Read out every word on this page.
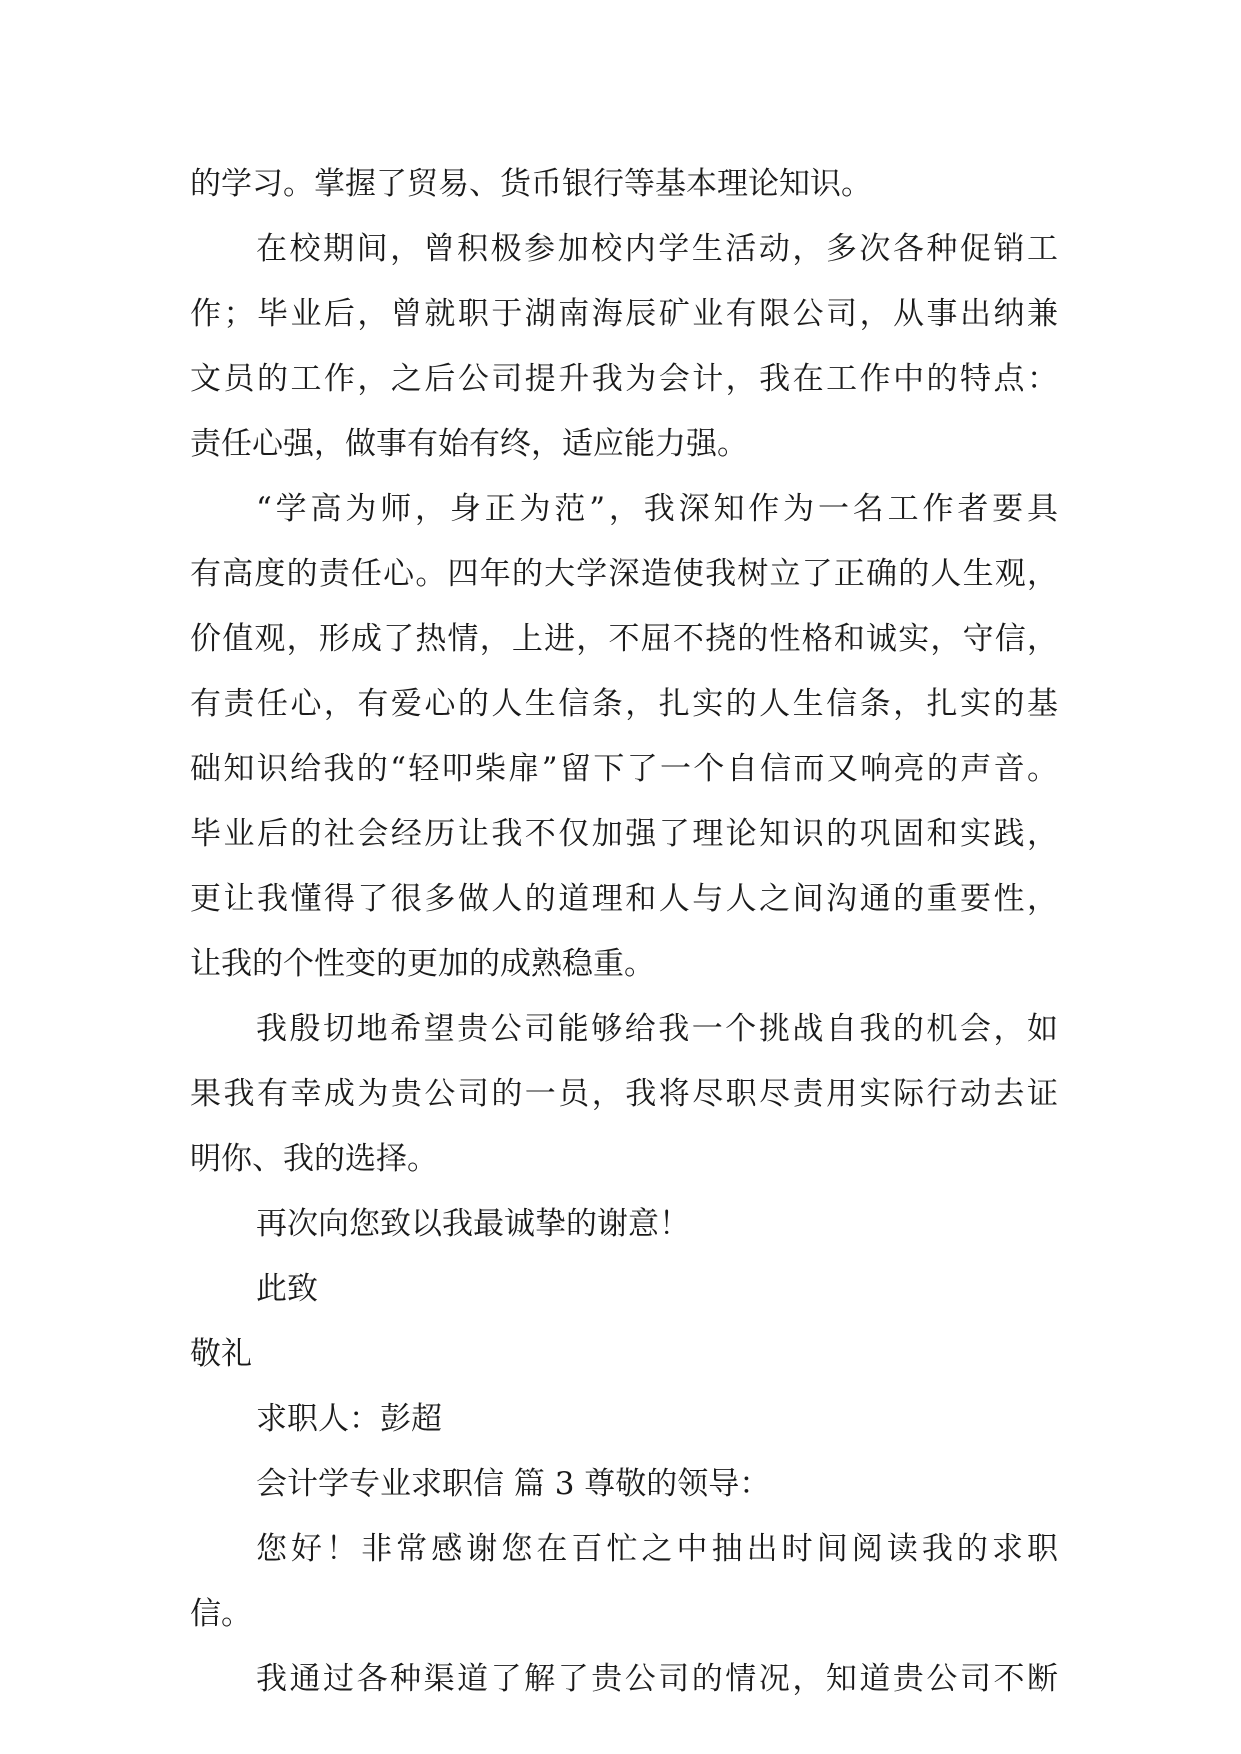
的学习。掌握了贸易、货币银行等基本理论知识。
在校期间，曾积极参加校内学生活动，多次各种促销工
作；毕业后，曾就职于湖南海辰矿业有限公司，从事出纳兼
文员的工作，之后公司提升我为会计，我在工作中的特点：
责任心强，做事有始有终，适应能力强。
“学高为师，身正为范”，我深知作为一名工作者要具
有高度的责任心。四年的大学深造使我树立了正确的人生观，
价值观，形成了热情，上进，不屈不挠的性格和诚实，守信，
有责任心，有爱心的人生信条，扎实的人生信条，扎实的基
础知识给我的“轻叩柴扉”留下了一个自信而又响亮的声音。
毕业后的社会经历让我不仅加强了理论知识的巩固和实践，
更让我懂得了很多做人的道理和人与人之间沟通的重要性，
让我的个性变的更加的成熟稳重。
我殷切地希望贵公司能够给我一个挑战自我的机会，如
果我有幸成为贵公司的一员，我将尽职尽责用实际行动去证
明你、我的选择。
再次向您致以我最诚挚的谢意！
此致
敬礼
求职人：彭超
会计学专业求职信 篇 3 尊敬的领导：
您好！非常感谢您在百忙之中抽出时间阅读我的求职
信。
我通过各种渠道了解了贵公司的情况，知道贵公司不断
